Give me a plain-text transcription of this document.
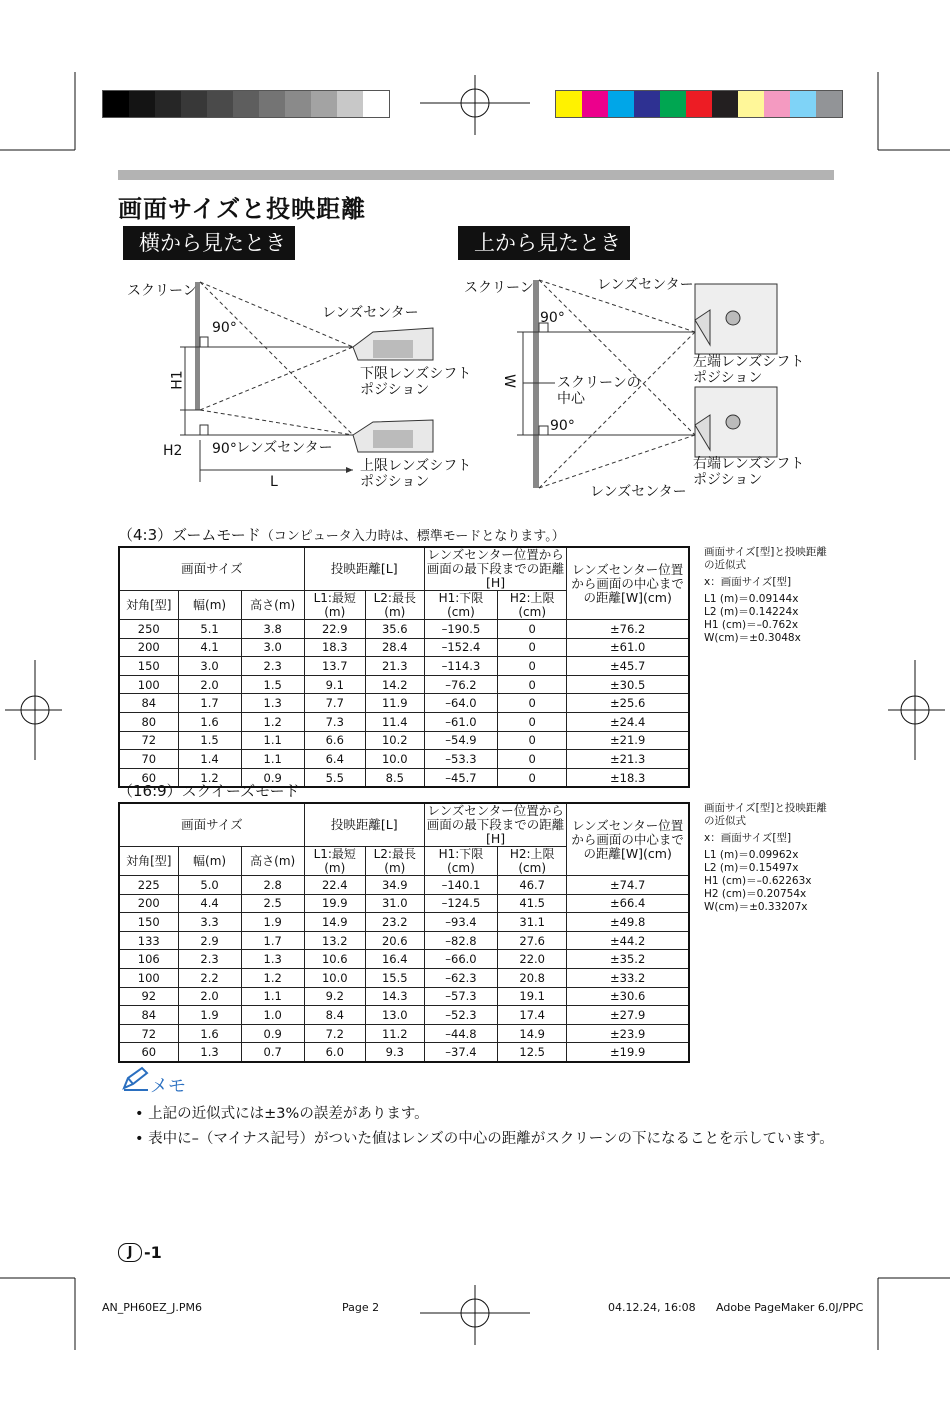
画面サイズと投映距離
横から見たとき	上から見たとき
スクリーン
90°
レンズセンター
下限レンズシフト
ポジション
H1
H2 90° レンズセンター
上限レンズシフト
ポジション
L
スクリーン	レンズセンター
90°
左端レンズシフト
ポジション
W	スクリーンの
中心
90°
右端レンズシフト
ポジション
レンズセンター
（4:3）ズームモード（コンピュータ入力時は、標準モードとなります。）
画面サイズ			投映距離[L]		レンズセンター位置から 画面の最下段までの距離[H]		レンズセンター位置 から画面の中心まで の距離[W](cm)
対角[型]	幅(m)	高さ(m)	L1:最短(m)	L2:最長(m)	H1:下限(cm)	H2:上限(cm)	
250	5.1	3.8	22.9	35.6	–190.5	0	±76.2
200	4.1	3.0	18.3	28.4	–152.4	0	±61.0
150	3.0	2.3	13.7	21.3	–114.3	0	±45.7
100	2.0	1.5	9.1	14.2	–76.2	0	±30.5
84	1.7	1.3	7.7	11.9	–64.0	0	±25.6
80	1.6	1.2	7.3	11.4	–61.0	0	±24.4
72	1.5	1.1	6.6	10.2	–54.9	0	±21.9
70	1.4	1.1	6.4	10.0	–53.3	0	±21.3
60	1.2	0.9	5.5	8.5	–45.7	0	±18.3
画面サイズ[型]と投映距離
の近似式
x：画面サイズ[型]
L1 (m)＝0.09144x
L2 (m)＝0.14224x
H1 (cm)＝–0.762x
W(cm)＝±0.3048x
（16:9）スクイーズモード
画面サイズ			投映距離[L]		レンズセンター位置から 画面の最下段までの距離[H]		レンズセンター位置 から画面の中心まで の距離[W](cm)
対角[型]	幅(m)	高さ(m)	L1:最短(m)	L2:最長(m)	H1:下限(cm)	H2:上限(cm)	
225	5.0	2.8	22.4	34.9	–140.1	46.7	±74.7
200	4.4	2.5	19.9	31.0	–124.5	41.5	±66.4
150	3.3	1.9	14.9	23.2	–93.4	31.1	±49.8
133	2.9	1.7	13.2	20.6	–82.8	27.6	±44.2
106	2.3	1.3	10.6	16.4	–66.0	22.0	±35.2
100	2.2	1.2	10.0	15.5	–62.3	20.8	±33.2
92	2.0	1.1	9.2	14.3	–57.3	19.1	±30.6
84	1.9	1.0	8.4	13.0	–52.3	17.4	±27.9
72	1.6	0.9	7.2	11.2	–44.8	14.9	±23.9
60	1.3	0.7	6.0	9.3	–37.4	12.5	±19.9
画面サイズ[型]と投映距離
の近似式
x：画面サイズ[型]
L1 (m)＝0.09962x
L2 (m)＝0.15497x
H1 (cm)＝–0.62263x
H2 (cm)＝0.20754x
W(cm)＝±0.33207x
メモ
• 上記の近似式には±3%の誤差があります。
• 表中に–（マイナス記号）がついた値はレンズの中心の距離がスクリーンの下になることを示しています。
J -1
AN_PH60EZ_J.PM6	Page 2	04.12.24, 16:08 Adobe PageMaker 6.0J/PPC
